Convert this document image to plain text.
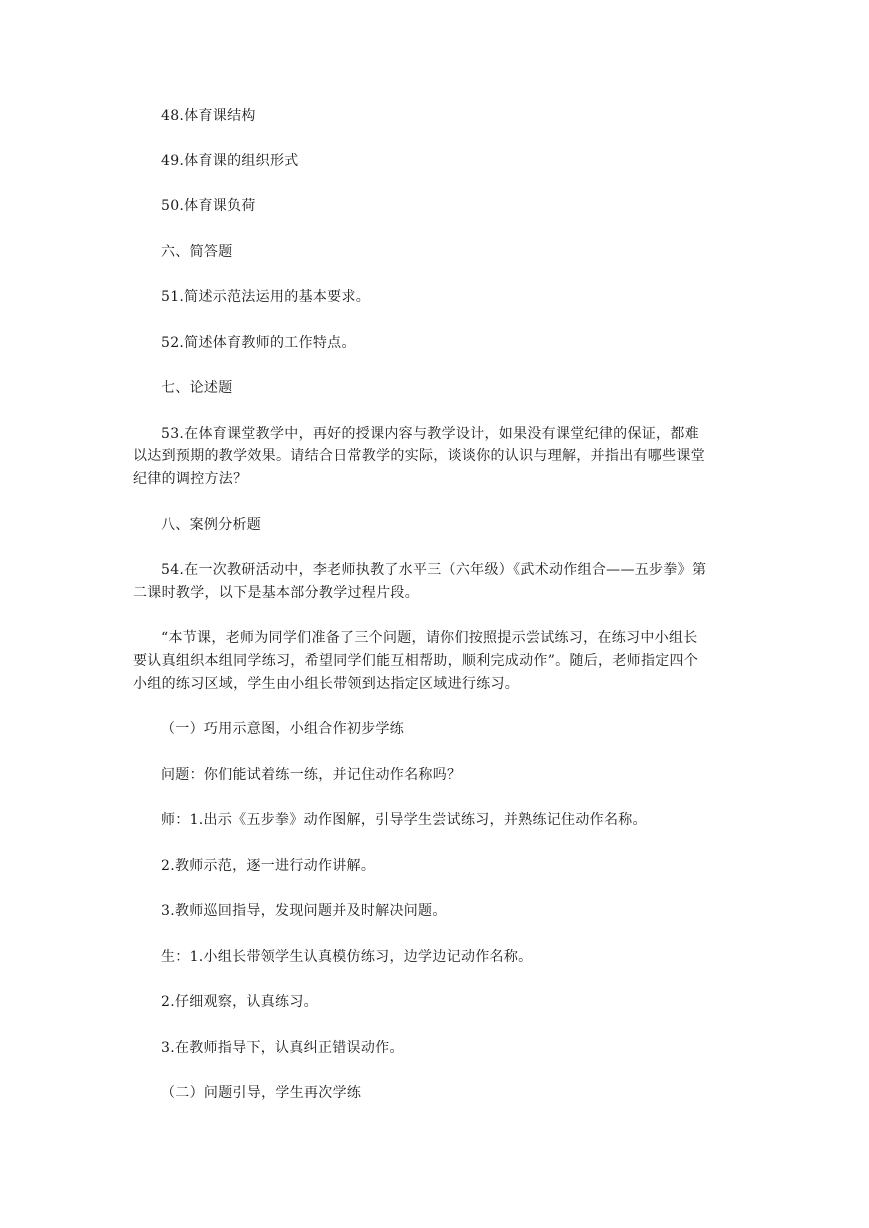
48.体育课结构
49.体育课的组织形式
50.体育课负荷
六、简答题
51.简述示范法运用的基本要求。
52.简述体育教师的工作特点。
七、论述题
53.在体育课堂教学中，再好的授课内容与教学设计，如果没有课堂纪律的保证，都难
以达到预期的教学效果。请结合日常教学的实际，谈谈你的认识与理解，并指出有哪些课堂
纪律的调控方法？
八、案例分析题
54.在一次教研活动中，李老师执教了水平三（六年级）《武术动作组合——五步拳》第
二课时教学，以下是基本部分教学过程片段。
“本节课，老师为同学们准备了三个问题，请你们按照提示尝试练习，在练习中小组长
要认真组织本组同学练习，希望同学们能互相帮助，顺利完成动作”。随后，老师指定四个
小组的练习区域，学生由小组长带领到达指定区域进行练习。
（一）巧用示意图，小组合作初步学练
问题：你们能试着练一练，并记住动作名称吗？
师：1.出示《五步拳》动作图解，引导学生尝试练习，并熟练记住动作名称。
2.教师示范，逐一进行动作讲解。
3.教师巡回指导，发现问题并及时解决问题。
生：1.小组长带领学生认真模仿练习，边学边记动作名称。
2.仔细观察，认真练习。
3.在教师指导下，认真纠正错误动作。
（二）问题引导，学生再次学练
